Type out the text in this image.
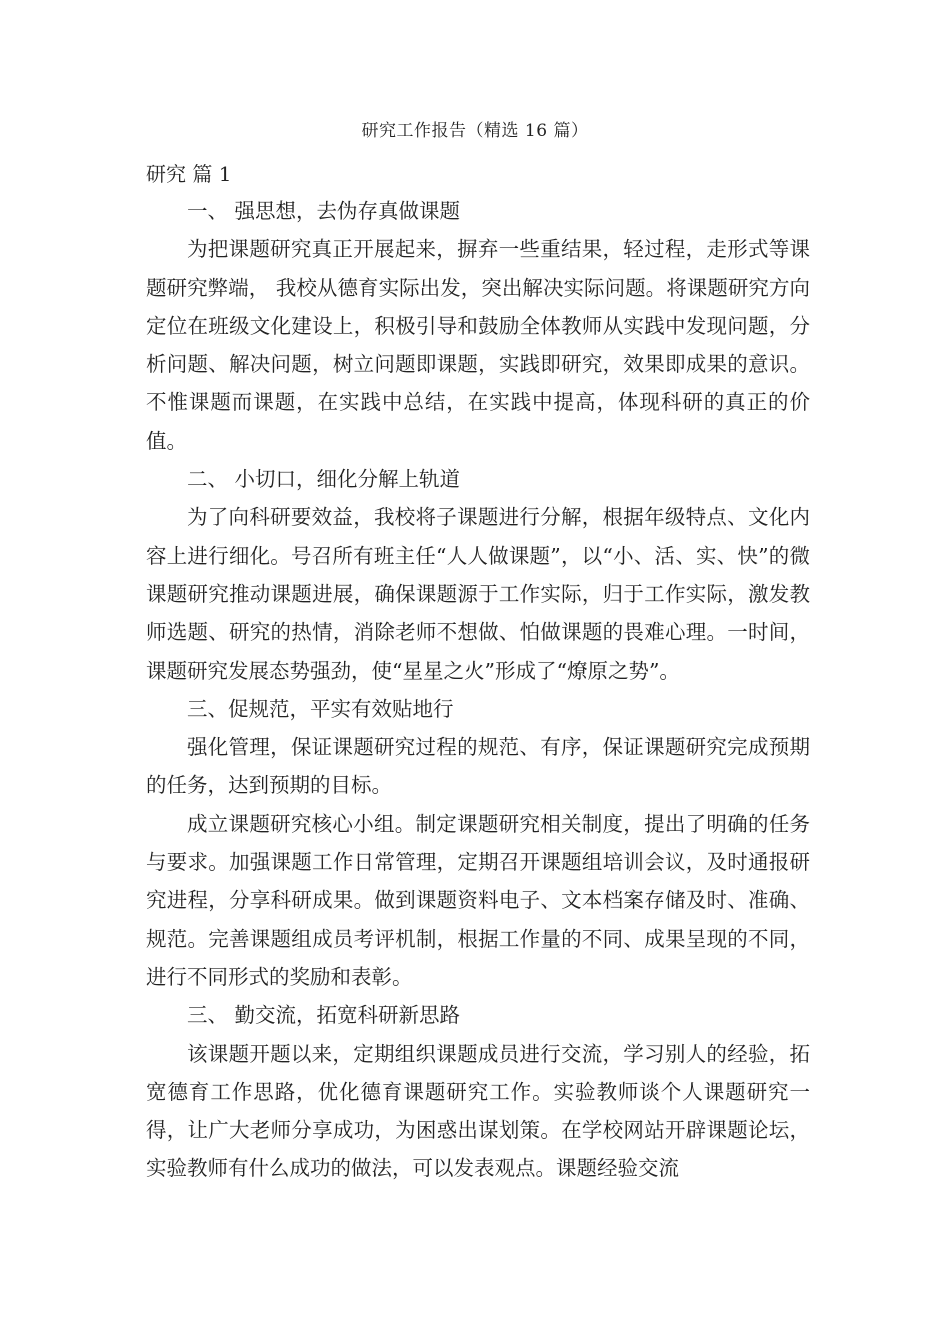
研究工作报告（精选 16 篇）
研究 篇 1

一、 强思想，去伪存真做课题

为把课题研究真正开展起来，摒弃一些重结果，轻过程，走形式等课题研究弊端， 我校从德育实际出发，突出解决实际问题。将课题研究方向定位在班级文化建设上，积极引导和鼓励全体教师从实践中发现问题，分析问题、解决问题，树立问题即课题，实践即研究，效果即成果的意识。不惟课题而课题，在实践中总结，在实践中提高，体现科研的真正的价值。

二、 小切口，细化分解上轨道

为了向科研要效益，我校将子课题进行分解，根据年级特点、文化内容上进行细化。号召所有班主任“人人做课题”，以“小、活、实、快”的微课题研究推动课题进展，确保课题源于工作实际，归于工作实际，激发教师选题、研究的热情，消除老师不想做、怕做课题的畏难心理。一时间，课题研究发展态势强劲，使“星星之火”形成了“燎原之势”。

三、促规范，平实有效贴地行

强化管理，保证课题研究过程的规范、有序，保证课题研究完成预期的任务，达到预期的目标。

成立课题研究核心小组。制定课题研究相关制度，提出了明确的任务与要求。加强课题工作日常管理，定期召开课题组培训会议，及时通报研究进程，分享科研成果。做到课题资料电子、文本档案存储及时、准确、规范。完善课题组成员考评机制，根据工作量的不同、成果呈现的不同，进行不同形式的奖励和表彰。

三、 勤交流，拓宽科研新思路

该课题开题以来，定期组织课题成员进行交流，学习别人的经验，拓宽德育工作思路，优化德育课题研究工作。实验教师谈个人课题研究一得，让广大老师分享成功，为困惑出谋划策。在学校网站开辟课题论坛，实验教师有什么成功的做法，可以发表观点。课题经验交流
